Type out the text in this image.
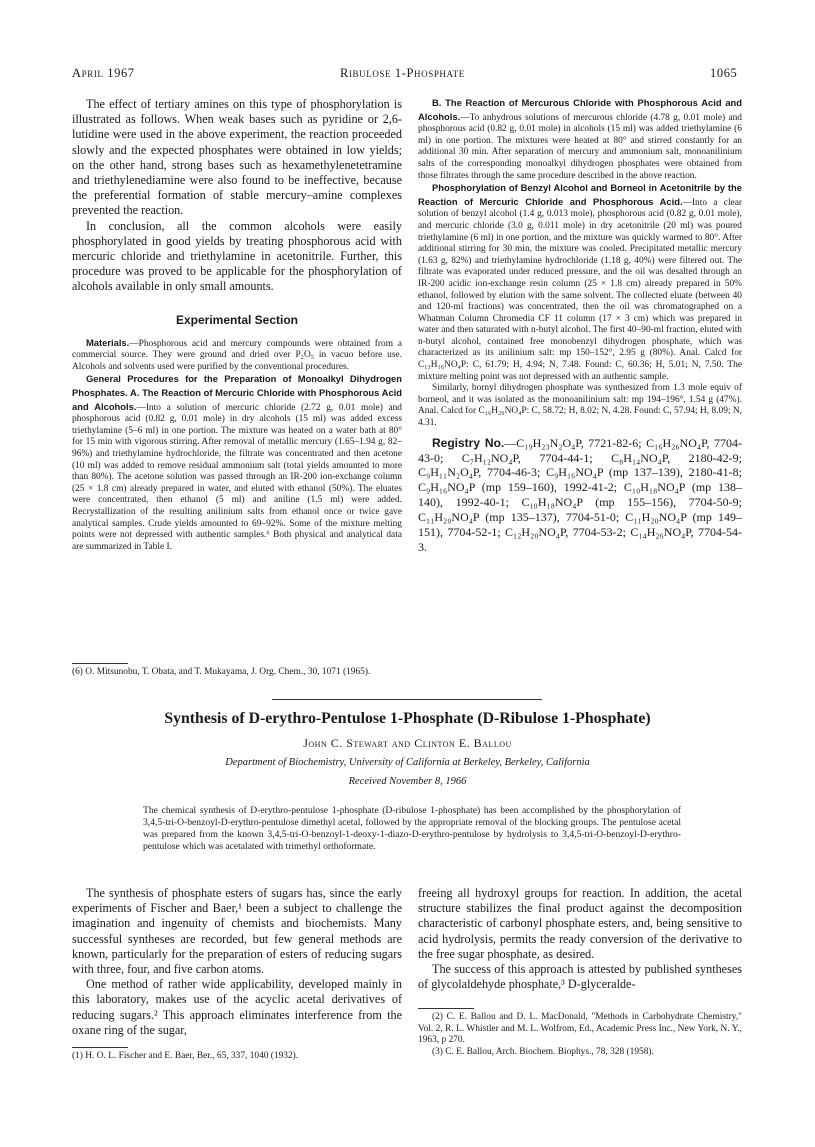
April 1967	Ribulose 1-Phosphate	1065

The effect of tertiary amines on this type of phosphorylation is illustrated as follows. When weak bases such as pyridine or 2,6-lutidine were used in the above experiment, the reaction proceeded slowly and the expected phosphates were obtained in low yields; on the other hand, strong bases such as hexamethylenetetramine and triethylenediamine were also found to be ineffective, because the preferential formation of stable mercury–amine complexes prevented the reaction.

In conclusion, all the common alcohols were easily phosphorylated in good yields by treating phosphorous acid with mercuric chloride and triethylamine in acetonitrile. Further, this procedure was proved to be applicable for the phosphorylation of alcohols available in only small amounts.

Experimental Section

Materials.—Phosphorous acid and mercury compounds were obtained from a commercial source. They were ground and dried over P₂O₅ in vacuo before use. Alcohols and solvents used were purified by the conventional procedures.

General Procedures for the Preparation of Monoalkyl Dihydrogen Phosphates. A. The Reaction of Mercuric Chloride with Phosphorous Acid and Alcohols.—Into a solution of mercuric chloride (2.72 g, 0.01 mole) and phosphorous acid (0.82 g, 0.01 mole) in dry alcohols (15 ml) was added excess triethylamine (5–6 ml) in one portion. The mixture was heated on a water bath at 80° for 15 min with vigorous stirring. After removal of metallic mercury (1.65–1.94 g, 82–96%) and triethylamine hydrochloride, the filtrate was concentrated and then acetone (10 ml) was added to remove residual ammonium salt (total yields amounted to more than 80%). The acetone solution was passed through an IR-200 ion-exchange column (25 × 1.8 cm) already prepared in water, and eluted with ethanol (50%). The eluates were concentrated, then ethanol (5 ml) and aniline (1.5 ml) were added. Recrystallization of the resulting anilinium salts from ethanol once or twice gave analytical samples. Crude yields amounted to 69–92%. Some of the mixture melting points were not depressed with authentic samples.⁶ Both physical and analytical data are summarized in Table I.

(6) O. Mitsunobu, T. Obata, and T. Mukayama, J. Org. Chem., 30, 1071 (1965).

B. The Reaction of Mercurous Chloride with Phosphorous Acid and Alcohols.—To anhydrous solutions of mercurous chloride (4.78 g, 0.01 mole) and phosphorous acid (0.82 g, 0.01 mole) in alcohols (15 ml) was added triethylamine (6 ml) in one portion. The mixtures were heated at 80° and stirred constantly for an additional 30 min. After separation of mercury and ammonium salt, monoanilinium salts of the corresponding monoalkyl dihydrogen phosphates were obtained from those filtrates through the same procedure described in the above reaction.

Phosphorylation of Benzyl Alcohol and Borneol in Acetonitrile by the Reaction of Mercuric Chloride and Phosphorous Acid.—Into a clear solution of benzyl alcohol (1.4 g, 0.013 mole), phosphorous acid (0.82 g, 0.01 mole), and mercuric chloride (3.0 g, 0.011 mole) in dry acetonitrile (20 ml) was poured triethylamine (6 ml) in one portion, and the mixture was quickly warmed to 80°. After additional stirring for 30 min, the mixture was cooled. Precipitated metallic mercury (1.63 g, 82%) and triethylamine hydrochloride (1.18 g, 40%) were filtered out. The filtrate was evaporated under reduced pressure, and the oil was desalted through an IR-200 acidic ion-exchange resin column (25 × 1.8 cm) already prepared in 50% ethanol, followed by elution with the same solvent. The collected eluate (between 40 and 120-ml fractions) was concentrated, then the oil was chromatographed on a Whatman Column Chromedia CF 11 column (17 × 3 cm) which was prepared in water and then saturated with n-butyl alcohol. The first 40–90-ml fraction, eluted with n-butyl alcohol, contained free monobenzyl dihydrogen phosphate, which was characterized as its anilinium salt: mp 150–152°, 2.95 g (80%). Anal. Calcd for C₁₃H₁₆NO₄P: C, 61.79; H, 4.94; N, 7.48. Found: C, 60.36; H, 5.01; N, 7.50. The mixture melting point was not depressed with an authentic sample.

Similarly, bornyl dihydrogen phosphate was synthesized from 1.3 mole equiv of borneol, and it was isolated as the monoanilinium salt: mp 194–196°, 1.54 g (47%). Anal. Calcd for C₁₆H₂₆NO₄P: C, 58.72; H, 8.02; N, 4.28. Found: C, 57.94; H, 8.09; N, 4.31.

Registry No.—C₁₉H₂₃N₂O₄P, 7721-82-6; C₁₆H₂₆NO₄P, 7704-43-0; C₇H₁₂NO₄P, 7704-44-1; C₈H₁₄NO₄P, 2180-42-9; C₉H₁₁N₂O₄P, 7704-46-3; C₉H₁₆NO₄P (mp 137–139), 2180-41-8; C₉H₁₆NO₄P (mp 159–160), 1992-41-2; C₁₀H₁₈NO₄P (mp 138–140), 1992-40-1; C₁₀H₁₈NO₄P (mp 155–156), 7704-50-9; C₁₁H₂₀NO₄P (mp 135–137), 7704-51-0; C₁₁H₂₀NO₄P (mp 149–151), 7704-52-1; C₁₂H₂₀NO₄P, 7704-53-2; C₁₄H₂₆NO₄P, 7704-54-3.

Synthesis of D-erythro-Pentulose 1-Phosphate (D-Ribulose 1-Phosphate)
John C. Stewart and Clinton E. Ballou
Department of Biochemistry, University of California at Berkeley, Berkeley, California
Received November 8, 1966
The chemical synthesis of D-erythro-pentulose 1-phosphate (D-ribulose 1-phosphate) has been accomplished by the phosphorylation of 3,4,5-tri-O-benzoyl-D-erythro-pentulose dimethyl acetal, followed by the appropriate removal of the blocking groups. The pentulose acetal was prepared from the known 3,4,5-tri-O-benzoyl-1-deoxy-1-diazo-D-erythro-pentulose by hydrolysis to 3,4,5-tri-O-benzoyl-D-erythro-pentulose which was acetalated with trimethyl orthoformate.

The synthesis of phosphate esters of sugars has, since the early experiments of Fischer and Baer,¹ been a subject to challenge the imagination and ingenuity of chemists and biochemists. Many successful syntheses are recorded, but few general methods are known, particularly for the preparation of esters of reducing sugars with three, four, and five carbon atoms.

One method of rather wide applicability, developed mainly in this laboratory, makes use of the acyclic acetal derivatives of reducing sugars.² This approach eliminates interference from the oxane ring of the sugar,

(1) H. O. L. Fischer and E. Baer, Ber., 65, 337, 1040 (1932).

freeing all hydroxyl groups for reaction. In addition, the acetal structure stabilizes the final product against the decomposition characteristic of carbonyl phosphate esters, and, being sensitive to acid hydrolysis, permits the ready conversion of the derivative to the free sugar phosphate, as desired.

The success of this approach is attested by published syntheses of glycolaldehyde phosphate,³ D-glyceralde-

(2) C. E. Ballou and D. L. MacDonald, "Methods in Carbohydrate Chemistry," Vol. 2, R. L. Whistler and M. L. Wolfrom, Ed., Academic Press Inc., New York, N. Y., 1963, p 270.

(3) C. E. Ballou, Arch. Biochem. Biophys., 78, 328 (1958).
